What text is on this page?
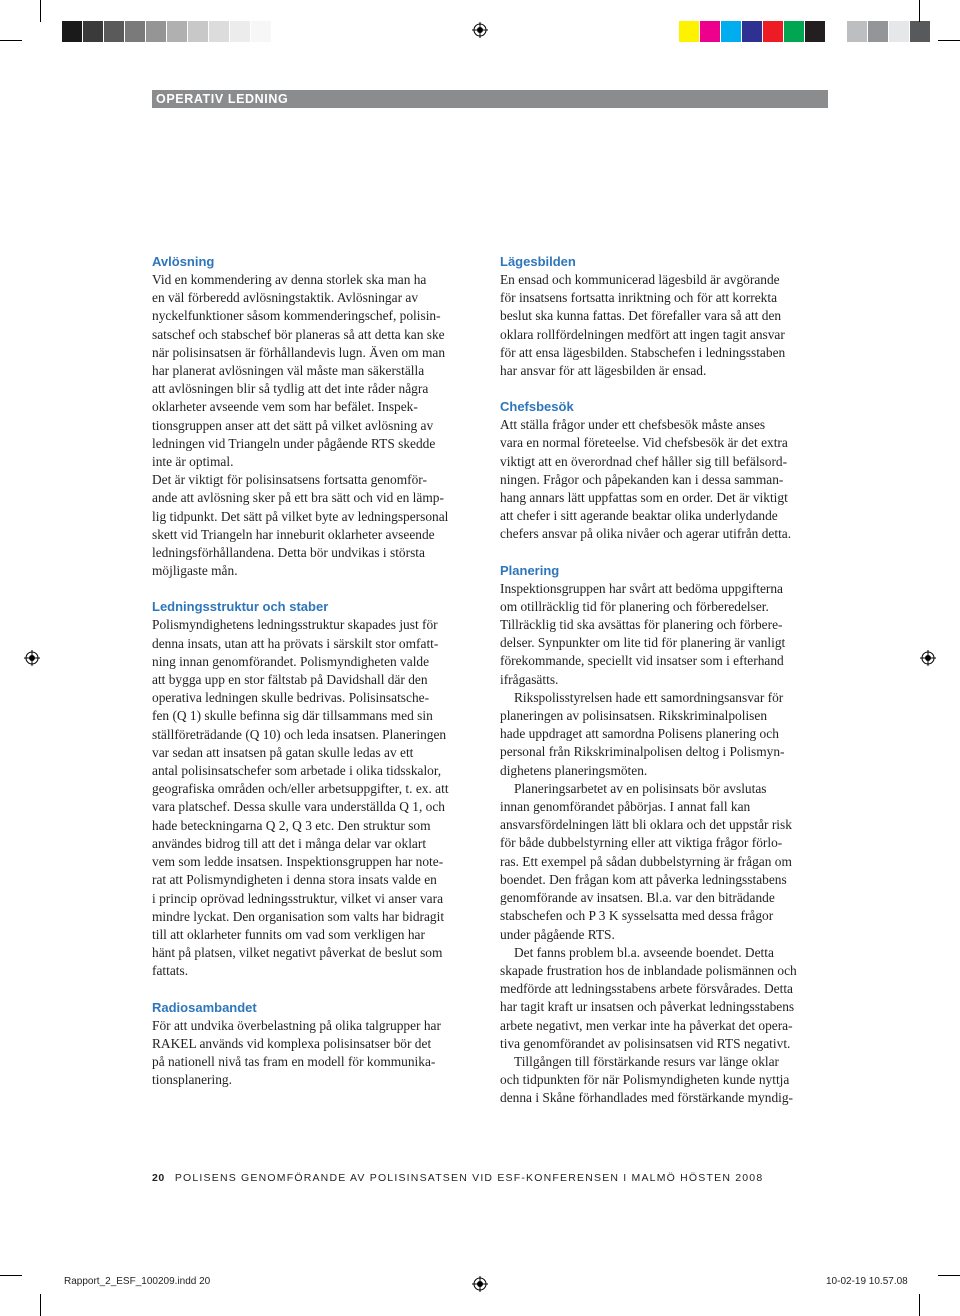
OPERATIV LEDNING
Avlösning

Vid en kommendering av denna storlek ska man ha
en väl förberedd avlösningstaktik. Avlösningar av
nyckelfunktioner såsom kommenderingschef, polisin-
satschef och stabschef bör planeras så att detta kan ske
när polisinsatsen är förhållandevis lugn. Även om man
har planerat avlösningen väl måste man säkerställa
att avlösningen blir så tydlig att det inte råder några
oklarheter avseende vem som har befälet. Inspek-
tionsgruppen anser att det sätt på vilket avlösning av
ledningen vid Triangeln under pågående RTS skedde
inte är optimal.

Det är viktigt för polisinsatsens fortsatta genomför-
ande att avlösning sker på ett bra sätt och vid en lämp-
lig tidpunkt. Det sätt på vilket byte av ledningspersonal
skett vid Triangeln har inneburit oklarheter avseende
ledningsförhållandena. Detta bör undvikas i största
möjligaste mån.

Ledningsstruktur och staber

Polismyndighetens ledningsstruktur skapades just för
denna insats, utan att ha prövats i särskilt stor omfatt-
ning innan genomförandet. Polismyndigheten valde
att bygga upp en stor fältstab på Davidshall där den
operativa ledningen skulle bedrivas. Polisinsatsche-
fen (Q 1) skulle befinna sig där tillsammans med sin
ställföreträdande (Q 10) och leda insatsen. Planeringen
var sedan att insatsen på gatan skulle ledas av ett
antal polisinsatschefer som arbetade i olika tidsskalor,
geografiska områden och/eller arbetsuppgifter, t. ex. att
vara platschef. Dessa skulle vara underställda Q 1, och
hade beteckningarna Q 2, Q 3 etc. Den struktur som
användes bidrog till att det i många delar var oklart
vem som ledde insatsen. Inspektionsgruppen har note-
rat att Polismyndigheten i denna stora insats valde en
i princip oprövad ledningsstruktur, vilket vi anser vara
mindre lyckat. Den organisation som valts har bidragit
till att oklarheter funnits om vad som verkligen har
hänt på platsen, vilket negativt påverkat de beslut som
fattats.

Radiosambandet

För att undvika överbelastning på olika talgrupper har
RAKEL används vid komplexa polisinsatser bör det
på nationell nivå tas fram en modell för kommunika-
tionsplanering.

Lägesbilden

En ensad och kommunicerad lägesbild är avgörande
för insatsens fortsatta inriktning och för att korrekta
beslut ska kunna fattas. Det förefaller vara så att den
oklara rollfördelningen medfört att ingen tagit ansvar
för att ensa lägesbilden. Stabschefen i ledningsstaben
har ansvar för att lägesbilden är ensad.

Chefsbesök

Att ställa frågor under ett chefsbesök måste anses
vara en normal företeelse. Vid chefsbesök är det extra
viktigt att en överordnad chef håller sig till befälsord-
ningen. Frågor och påpekanden kan i dessa samman-
hang annars lätt uppfattas som en order. Det är viktigt
att chefer i sitt agerande beaktar olika underlydande
chefers ansvar på olika nivåer och agerar utifrån detta.

Planering

Inspektionsgruppen har svårt att bedöma uppgifterna
om otillräcklig tid för planering och förberedelser.
Tillräcklig tid ska avsättas för planering och förbere-
delser. Synpunkter om lite tid för planering är vanligt
förekommande, speciellt vid insatser som i efterhand
ifrågasätts.

Rikspolisstyrelsen hade ett samordningsansvar för
planeringen av polisinsatsen. Rikskriminalpolisen
hade uppdraget att samordna Polisens planering och
personal från Rikskriminalpolisen deltog i Polismyn-
dighetens planeringsmöten.

Planeringsarbetet av en polisinsats bör avslutas
innan genomförandet påbörjas. I annat fall kan
ansvarsfördelningen lätt bli oklara och det uppstår risk
för både dubbelstyrning eller att viktiga frågor förlo-
ras. Ett exempel på sådan dubbelstyrning är frågan om
boendet. Den frågan kom att påverka ledningsstabens
genomförande av insatsen. Bl.a. var den biträdande
stabschefen och P 3 K sysselsatta med dessa frågor
under pågående RTS.

Det fanns problem bl.a. avseende boendet. Detta
skapade frustration hos de inblandade polismännen och
medförde att ledningsstabens arbete försvårades. Detta
har tagit kraft ur insatsen och påverkat ledningsstabens
arbete negativt, men verkar inte ha påverkat det opera-
tiva genomförandet av polisinsatsen vid RTS negativt.

Tillgången till förstärkande resurs var länge oklar
och tidpunkten för när Polismyndigheten kunde nyttja
denna i Skåne förhandlades med förstärkande myndig-

20 POLISENS GENOMFÖRANDE AV POLISINSATSEN VID ESF-KONFERENSEN I MALMÖ HÖSTEN 2008
Rapport_2_ESF_100209.indd 20	10-02-19 10.57.08
